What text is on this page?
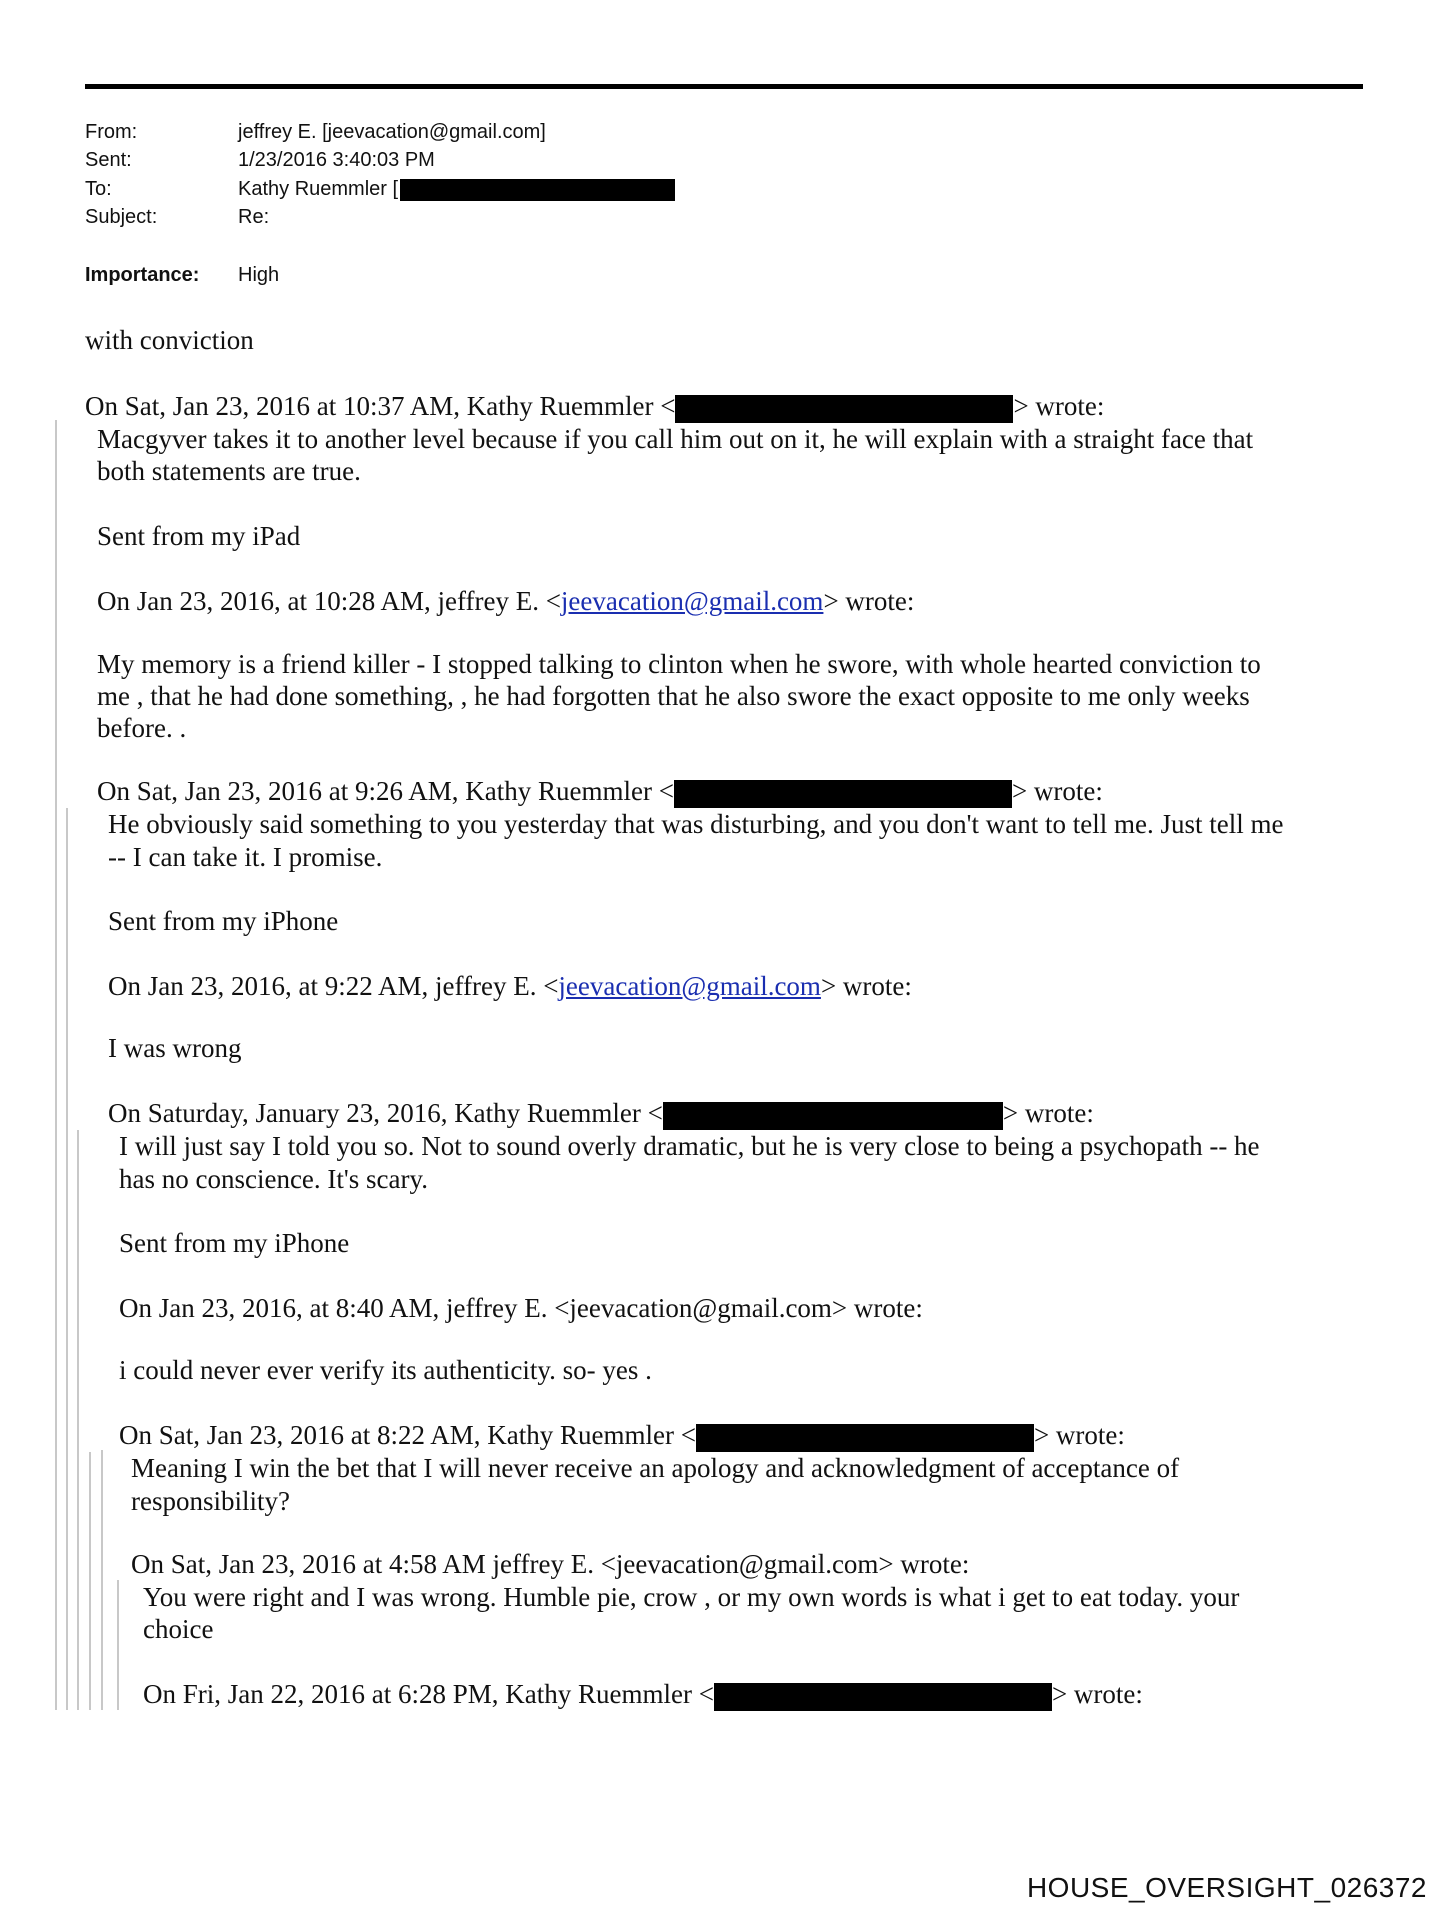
From:	jeffrey E. [jeevacation@gmail.com]
Sent:	1/23/2016 3:40:03 PM
To:	Kathy Ruemmler [
Subject:	Re:
Importance: High
with conviction
On Sat, Jan 23, 2016 at 10:37 AM, Kathy Ruemmler <	> wrote:
Macgyver takes it to another level because if you call him out on it, he will explain with a straight face that
both statements are true.
Sent from my iPad
On Jan 23, 2016, at 10:28 AM, jeffrey E. <jeevacation@gmail.com> wrote:
My memory is a friend killer - I stopped talking to clinton when he swore, with whole hearted conviction to
me , that he had done something, , he had forgotten that he also swore the exact opposite to me only weeks
before. .
On Sat, Jan 23, 2016 at 9:26 AM, Kathy Ruemmler <	> wrote:
He obviously said something to you yesterday that was disturbing, and you don't want to tell me. Just tell me
-- I can take it. I promise.
Sent from my iPhone
On Jan 23, 2016, at 9:22 AM, jeffrey E. <jeevacation@gmail.com> wrote:
I was wrong
On Saturday, January 23, 2016, Kathy Ruemmler <	> wrote:
I will just say I told you so. Not to sound overly dramatic, but he is very close to being a psychopath -- he
has no conscience. It's scary.
Sent from my iPhone
On Jan 23, 2016, at 8:40 AM, jeffrey E. <jeevacation@gmail.com> wrote:
i could never ever verify its authenticity. so- yes .
On Sat, Jan 23, 2016 at 8:22 AM, Kathy Ruemmler <	> wrote:
Meaning I win the bet that I will never receive an apology and acknowledgment of acceptance of
responsibility?
On Sat, Jan 23, 2016 at 4:58 AM jeffrey E. <jeevacation@gmail.com> wrote:
You were right and I was wrong. Humble pie, crow , or my own words is what i get to eat today. your
choice
On Fri, Jan 22, 2016 at 6:28 PM, Kathy Ruemmler <	> wrote:
HOUSE_OVERSIGHT_026372
